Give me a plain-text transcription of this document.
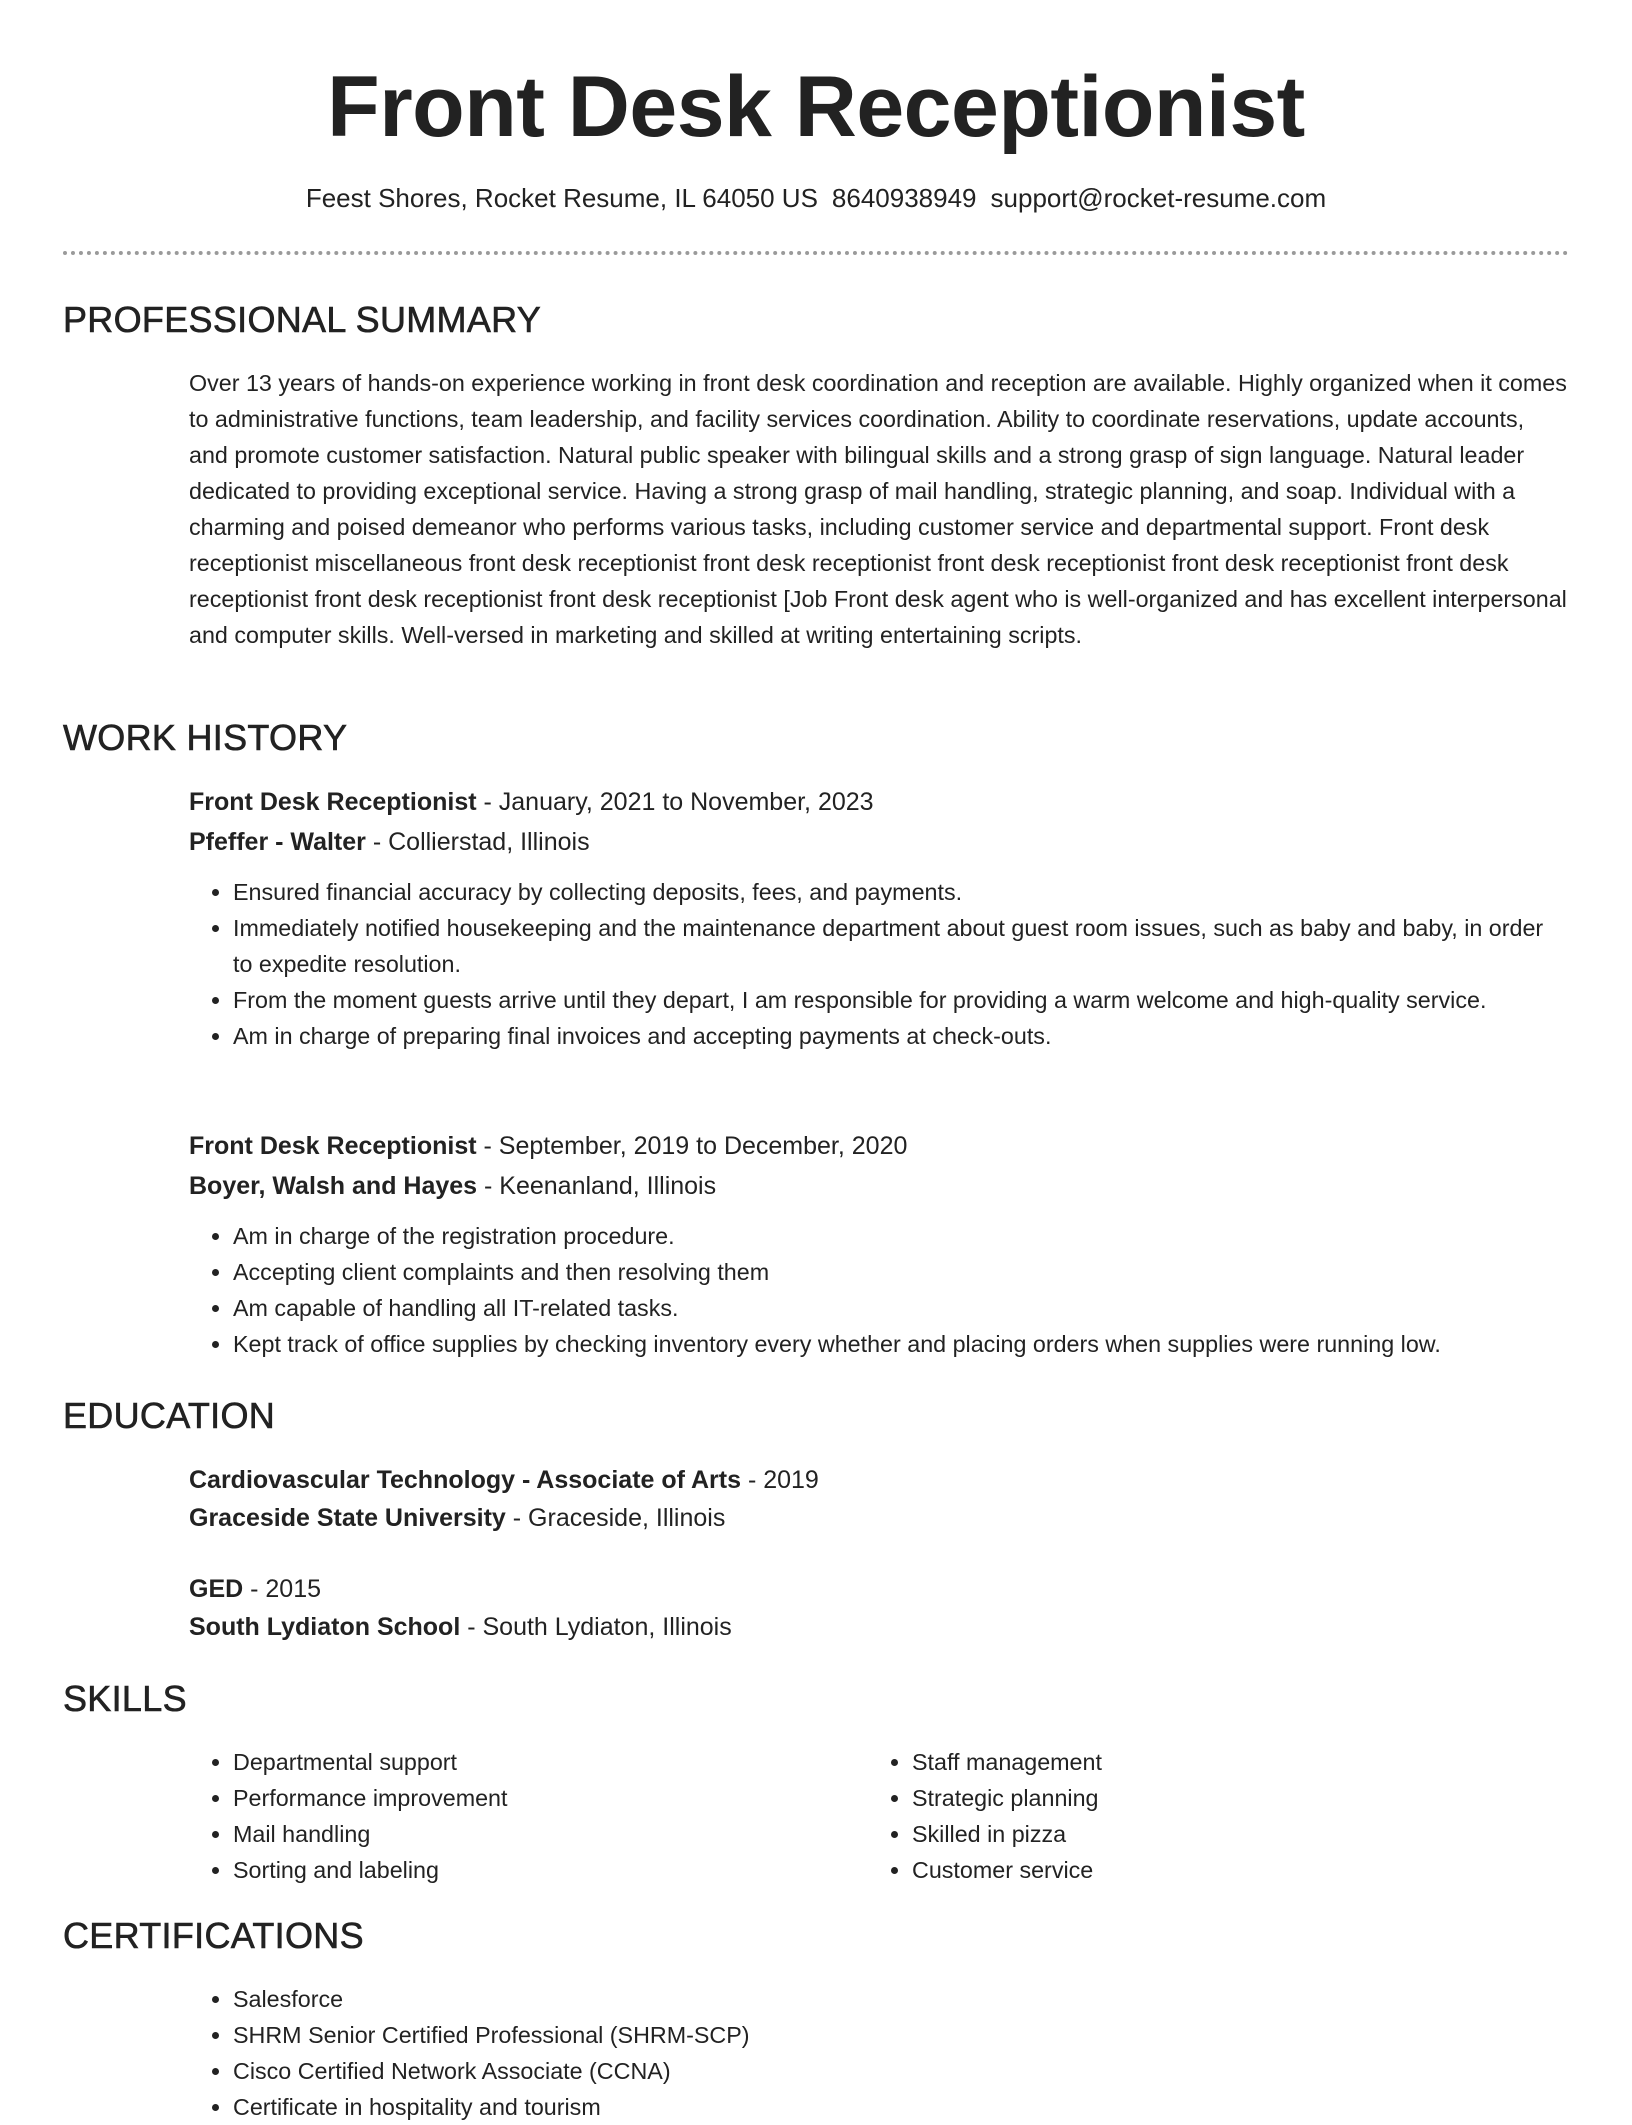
Front Desk Receptionist
Feest Shores, Rocket Resume, IL 64050 US 8640938949 support@rocket-resume.com
PROFESSIONAL SUMMARY
Over 13 years of hands-on experience working in front desk coordination and reception are available. Highly organized when it comes to administrative functions, team leadership, and facility services coordination. Ability to coordinate reservations, update accounts, and promote customer satisfaction. Natural public speaker with bilingual skills and a strong grasp of sign language. Natural leader dedicated to providing exceptional service. Having a strong grasp of mail handling, strategic planning, and soap. Individual with a charming and poised demeanor who performs various tasks, including customer service and departmental support. Front desk receptionist miscellaneous front desk receptionist front desk receptionist front desk receptionist front desk receptionist front desk receptionist front desk receptionist front desk receptionist [Job Front desk agent who is well-organized and has excellent interpersonal and computer skills. Well-versed in marketing and skilled at writing entertaining scripts.
WORK HISTORY
Front Desk Receptionist - January, 2021 to November, 2023
Pfeffer - Walter - Collierstad, Illinois
• Ensured financial accuracy by collecting deposits, fees, and payments.
• Immediately notified housekeeping and the maintenance department about guest room issues, such as baby and baby, in order to expedite resolution.
• From the moment guests arrive until they depart, I am responsible for providing a warm welcome and high-quality service.
• Am in charge of preparing final invoices and accepting payments at check-outs.
Front Desk Receptionist - September, 2019 to December, 2020
Boyer, Walsh and Hayes - Keenanland, Illinois
• Am in charge of the registration procedure.
• Accepting client complaints and then resolving them
• Am capable of handling all IT-related tasks.
• Kept track of office supplies by checking inventory every whether and placing orders when supplies were running low.
EDUCATION
Cardiovascular Technology - Associate of Arts - 2019
Graceside State University - Graceside, Illinois
GED - 2015
South Lydiaton School - South Lydiaton, Illinois
SKILLS
• Departmental support
• Performance improvement
• Mail handling
• Sorting and labeling
• Staff management
• Strategic planning
• Skilled in pizza
• Customer service
CERTIFICATIONS
• Salesforce
• SHRM Senior Certified Professional (SHRM-SCP)
• Cisco Certified Network Associate (CCNA)
• Certificate in hospitality and tourism
